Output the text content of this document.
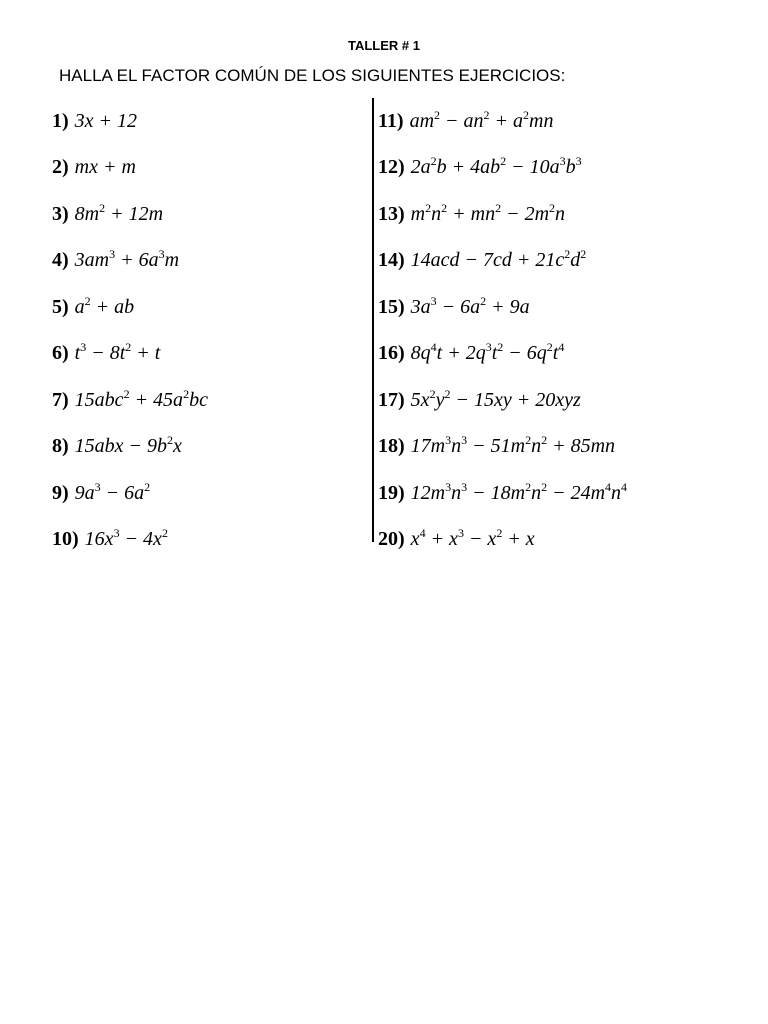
TALLER # 1
HALLA EL FACTOR COMÚN DE LOS SIGUIENTES EJERCICIOS:
1) 3x + 12
2) mx + m
3) $8m^2 + 12m$
4) $3am^3 + 6a^3m$
5) $a^2$ + ab
6) $t^3 - 8t^2 + t$
7) $15abc^2 + 45a^2bc$
8) $15abx - 9b^2x$
9) $9a^3 - 6a^2$
10) $16x^3 - 4x^2$
11) $am^2 - an^2 + a^2mn$
12) $2a^2b + 4ab^2 - 10a^3b^3$
13) $m^2n^2 + mn^2 - 2m^2n$
14) $14acd - 7cd + 21c^2d^2$
15) $3a^3 - 6a^2 + 9a$
16) $8q^4t + 2q^3t^2 - 6q^2t^4$
17) $5x^2y^2 - 15xy + 20xyz$
18) $17m^3n^3 - 51m^2n^2 + 85mn$
19) $12m^3n^3 - 18m^2n^2 - 24m^4n^4$
20) $x^4 + x^3 - x^2 + x$
